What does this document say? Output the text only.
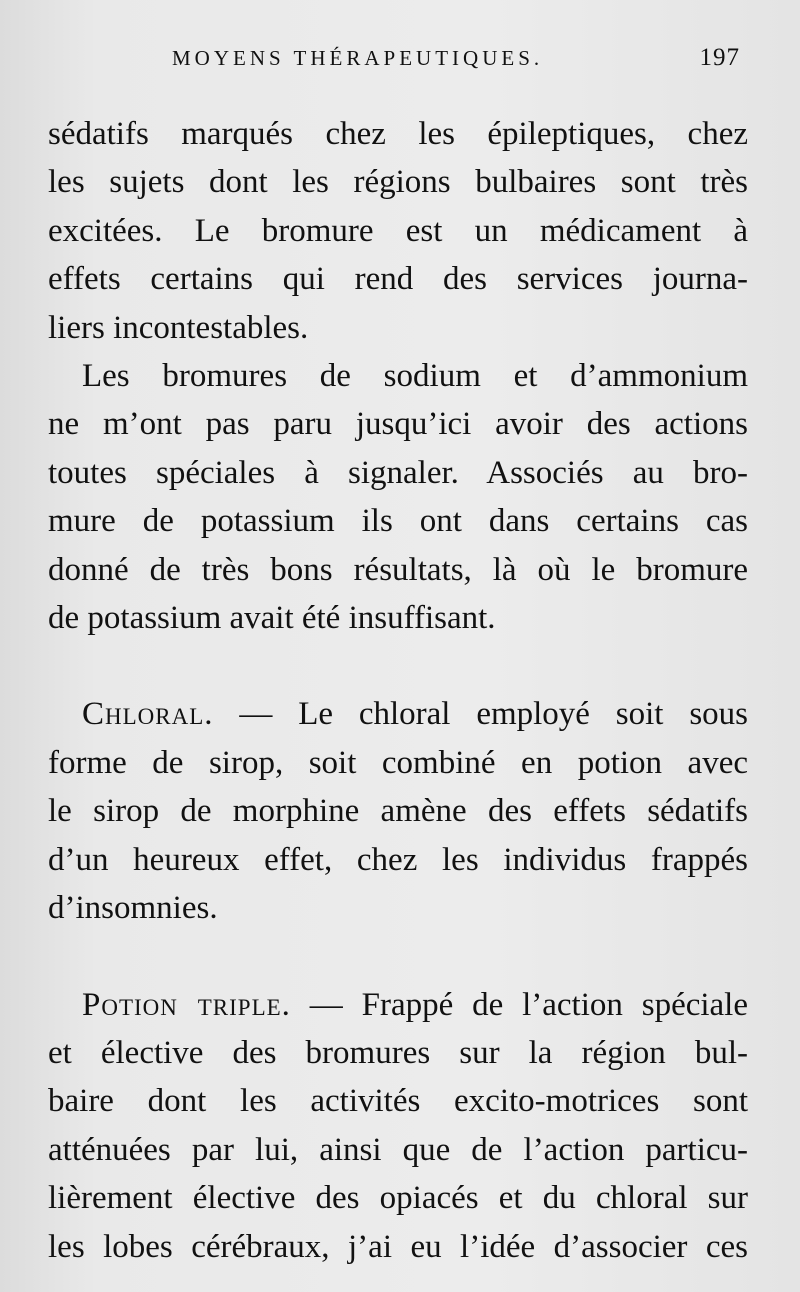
MOYENS THÉRAPEUTIQUES.	197

sédatifs marqués chez les épileptiques, chez
les sujets dont les régions bulbaires sont très
excitées. Le bromure est un médicament à
effets certains qui rend des services journa-
liers incontestables.

Les bromures de sodium et d’ammonium
ne m’ont pas paru jusqu’ici avoir des actions
toutes spéciales à signaler. Associés au bro-
mure de potassium ils ont dans certains cas
donné de très bons résultats, là où le bromure
de potassium avait été insuffisant.

Chloral. — Le chloral employé soit sous
forme de sirop, soit combiné en potion avec
le sirop de morphine amène des effets sédatifs
d’un heureux effet, chez les individus frappés
d’insomnies.

Potion triple. — Frappé de l’action spéciale
et élective des bromures sur la région bul-
baire dont les activités excito-motrices sont
atténuées par lui, ainsi que de l’action particu-
lièrement élective des opiacés et du chloral sur
les lobes cérébraux, j’ai eu l’idée d’associer ces
